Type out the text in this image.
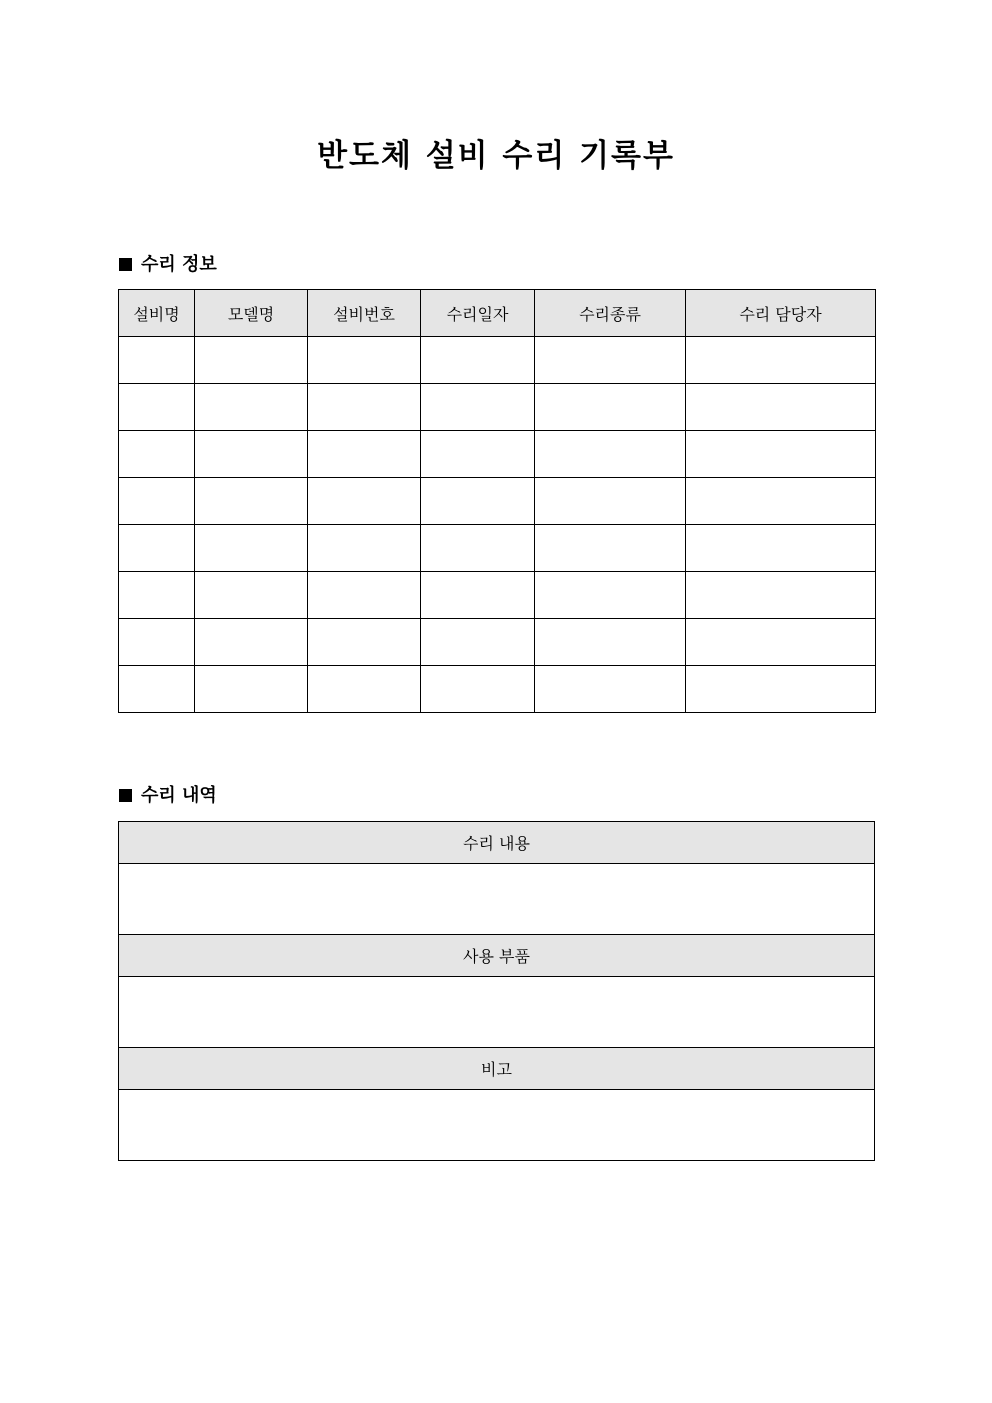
반도체 설비 수리 기록부
수리 정보
설비명	모델명	설비번호	수리일자	수리종류	수리 담당자

수리 내역
수리 내용

사용 부품

비고
